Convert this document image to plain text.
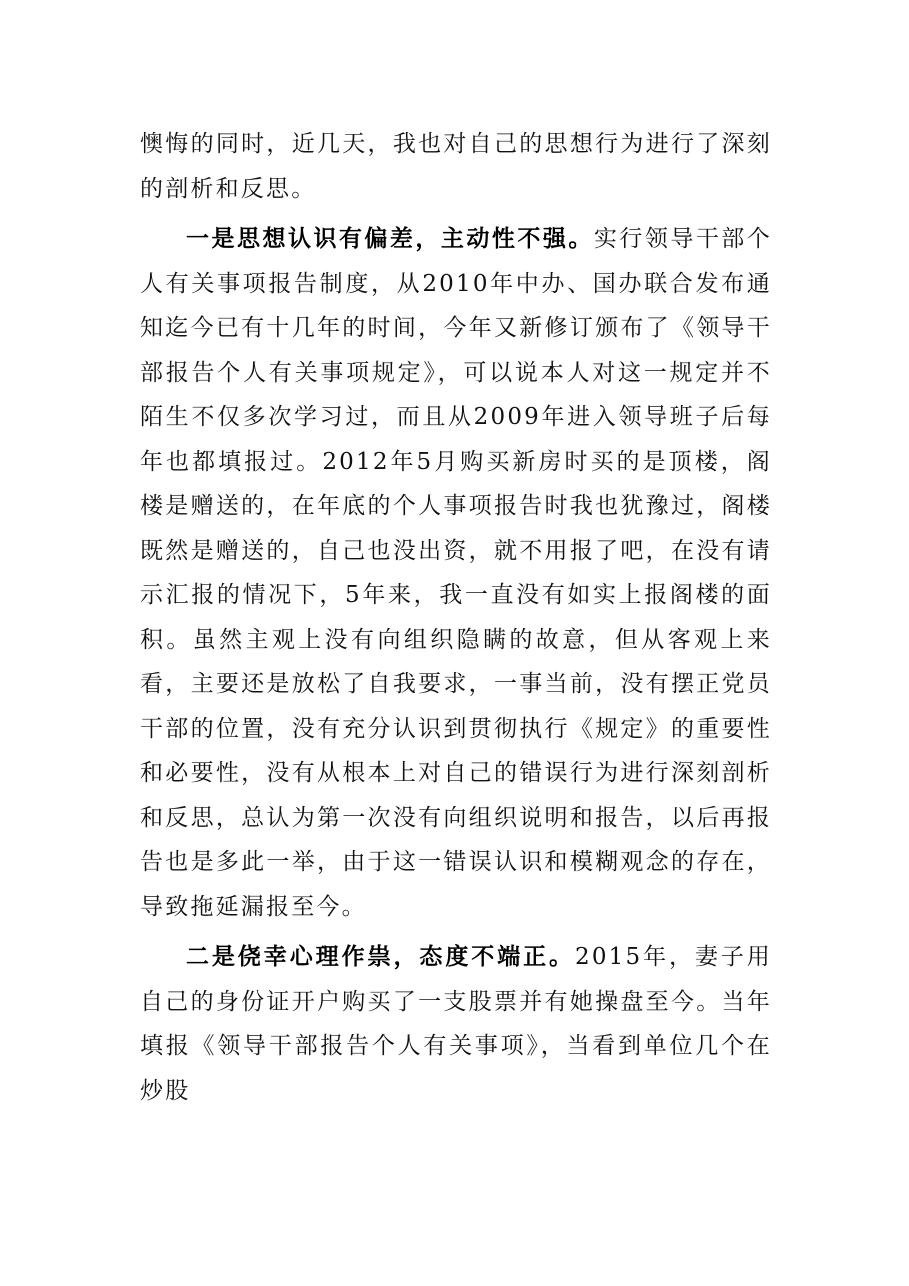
懊悔的同时，近几天，我也对自己的思想行为进行了深刻的剖析和反思。

一是思想认识有偏差，主动性不强。实行领导干部个人有关事项报告制度，从2010年中办、国办联合发布通知迄今已有十几年的时间，今年又新修订颁布了《领导干部报告个人有关事项规定》，可以说本人对这一规定并不陌生不仅多次学习过，而且从2009年进入领导班子后每年也都填报过。2012年5月购买新房时买的是顶楼，阁楼是赠送的，在年底的个人事项报告时我也犹豫过，阁楼既然是赠送的，自己也没出资，就不用报了吧，在没有请示汇报的情况下，5年来，我一直没有如实上报阁楼的面积。虽然主观上没有向组织隐瞒的故意，但从客观上来看，主要还是放松了自我要求，一事当前，没有摆正党员干部的位置，没有充分认识到贯彻执行《规定》的重要性和必要性，没有从根本上对自己的错误行为进行深刻剖析和反思，总认为第一次没有向组织说明和报告，以后再报告也是多此一举，由于这一错误认识和模糊观念的存在，导致拖延漏报至今。

二是侥幸心理作祟，态度不端正。2015年，妻子用自己的身份证开户购买了一支股票并有她操盘至今。当年填报《领导干部报告个人有关事项》，当看到单位几个在炒股
